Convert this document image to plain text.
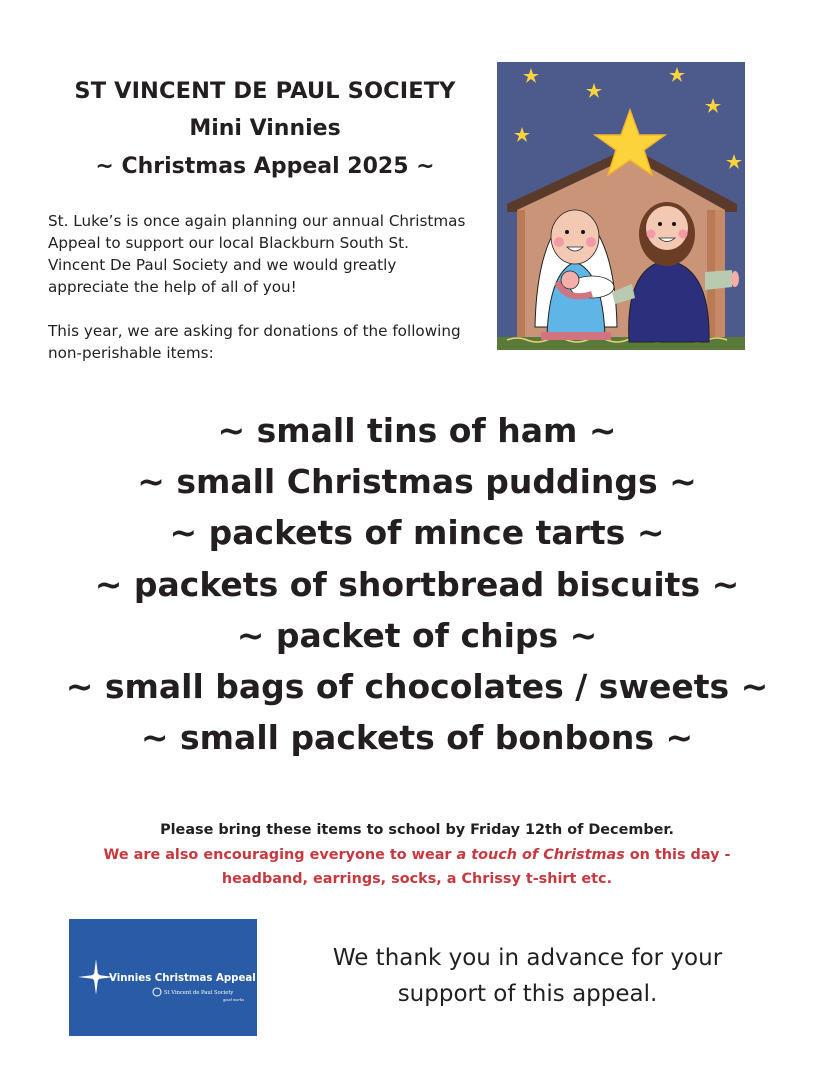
ST VINCENT DE PAUL SOCIETY
Mini Vinnies
~ Christmas Appeal 2025 ~

St. Luke’s is once again planning our annual Christmas Appeal to support our local Blackburn South St. Vincent De Paul Society and we would greatly appreciate the help of all of you!

This year, we are asking for donations of the following non-perishable items:

~ small tins of ham ~
~ small Christmas puddings ~
~ packets of mince tarts ~
~ packets of shortbread biscuits ~
~ packet of chips ~
~ small bags of chocolates / sweets ~
~ small packets of bonbons ~
Please bring these items to school by Friday 12th of December.
We are also encouraging everyone to wear a touch of Christmas on this day -
headband, earrings, socks, a Chrissy t-shirt etc.
Vinnies Christmas Appeal
St Vincent de Paul Society
good works
We thank you in advance for your
support of this appeal.
